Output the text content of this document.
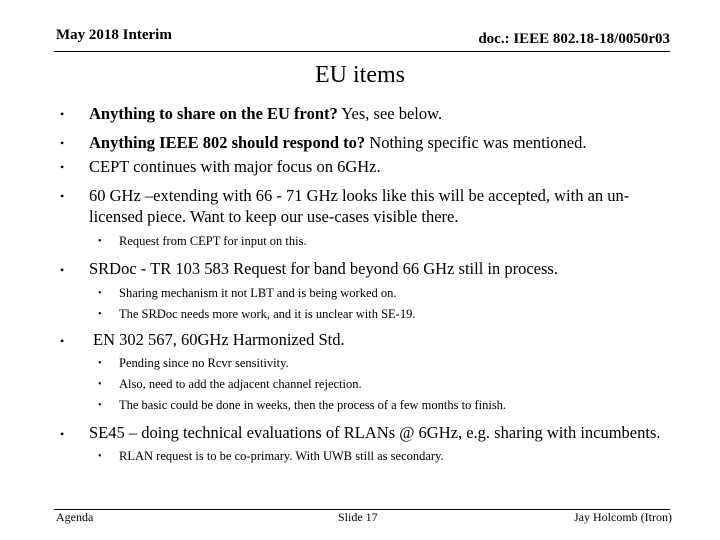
May 2018 Interim	doc.: IEEE 802.18-18/0050r03
EU items
• Anything to share on the EU front? Yes, see below.
• Anything IEEE 802 should respond to? Nothing specific was mentioned.
• CEPT continues with major focus on 6GHz.
• 60 GHz –extending with 66 - 71 GHz looks like this will be accepted, with an un-
licensed piece. Want to keep our use-cases visible there.
• Request from CEPT for input on this.
• SRDoc - TR 103 583 Request for band beyond 66 GHz still in process.
• Sharing mechanism it not LBT and is being worked on.
• The SRDoc needs more work, and it is unclear with SE-19.
• EN 302 567, 60GHz Harmonized Std.
• Pending since no Rcvr sensitivity.
• Also, need to add the adjacent channel rejection.
• The basic could be done in weeks, then the process of a few months to finish.
• SE45 – doing technical evaluations of RLANs @ 6GHz, e.g. sharing with incumbents.
• RLAN request is to be co-primary. With UWB still as secondary.
Agenda	Slide 17	Jay Holcomb (Itron)
